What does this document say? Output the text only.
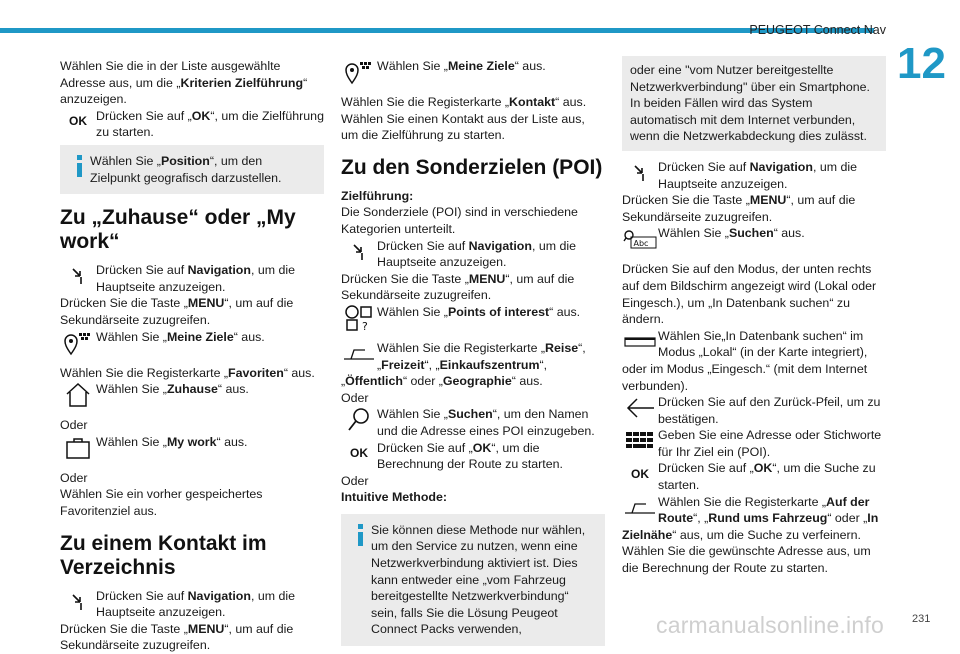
PEUGEOT Connect Nav
12
Wählen Sie die in der Liste ausgewählte Adresse aus, um die „Kriterien Zielführung“ anzuzeigen.
OK Drücken Sie auf „OK“, um die Zielführung zu starten.
Wählen Sie „Position“, um den Zielpunkt geografisch darzustellen.
Zu „Zuhause“ oder „My work“
Drücken Sie auf Navigation, um die Hauptseite anzuzeigen.
Drücken Sie die Taste „MENU“, um auf die Sekundärseite zuzugreifen.
Wählen Sie „Meine Ziele“ aus.
Wählen Sie die Registerkarte „Favoriten“ aus.
Wählen Sie „Zuhause“ aus.
Oder
Wählen Sie „My work“ aus.
Oder
Wählen Sie ein vorher gespeichertes Favoritenziel aus.
Zu einem Kontakt im Verzeichnis
Drücken Sie auf Navigation, um die Hauptseite anzuzeigen.
Drücken Sie die Taste „MENU“, um auf die Sekundärseite zuzugreifen.
Wählen Sie „Meine Ziele“ aus.
Wählen Sie die Registerkarte „Kontakt“ aus. Wählen Sie einen Kontakt aus der Liste aus, um die Zielführung zu starten.
Zu den Sonderzielen (POI)
Zielführung:
Die Sonderziele (POI) sind in verschiedene Kategorien unterteilt.
Drücken Sie auf Navigation, um die Hauptseite anzuzeigen.
Drücken Sie die Taste „MENU“, um auf die Sekundärseite zuzugreifen.
?
Wählen Sie „Points of interest“ aus.
Wählen Sie die Registerkarte „Reise“, „Freizeit“, „Einkaufszentrum“,
„Öffentlich“ oder „Geographie“ aus.
Oder
Wählen Sie „Suchen“, um den Namen und die Adresse eines POI einzugeben.
OK Drücken Sie auf „OK“, um die Berechnung der Route zu starten.
Oder
Intuitive Methode:
Sie können diese Methode nur wählen, um den Service zu nutzen, wenn eine Netzwerkverbindung aktiviert ist. Dies kann entweder eine „vom Fahrzeug bereitgestellte Netzwerkverbindung“ sein, falls Sie die Lösung Peugeot Connect Packs verwenden,
oder eine "vom Nutzer bereitgestellte Netzwerkverbindung" über ein Smartphone. In beiden Fällen wird das System automatisch mit dem Internet verbunden, wenn die Netzwerkabdeckung dies zulässt.
Drücken Sie auf Navigation, um die Hauptseite anzuzeigen.
Drücken Sie die Taste „MENU“, um auf die Sekundärseite zuzugreifen.
Abc
Wählen Sie „Suchen“ aus.
Drücken Sie auf den Modus, der unten rechts auf dem Bildschirm angezeigt wird (Lokal oder Eingesch.), um „In Datenbank suchen“ zu ändern.
Wählen Sie„In Datenbank suchen“ im Modus „Lokal“ (in der Karte integriert),
oder im Modus „Eingesch.“ (mit dem Internet verbunden).
Drücken Sie auf den Zurück-Pfeil, um zu bestätigen.
Geben Sie eine Adresse oder Stichworte für Ihr Ziel ein (POI).
OK Drücken Sie auf „OK“, um die Suche zu starten.
Wählen Sie die Registerkarte „Auf der Route“, „Rund ums Fahrzeug“ oder „In
Zielnähe“ aus, um die Suche zu verfeinern.
Wählen Sie die gewünschte Adresse aus, um die Berechnung der Route zu starten.
carmanualsonline.info	231
